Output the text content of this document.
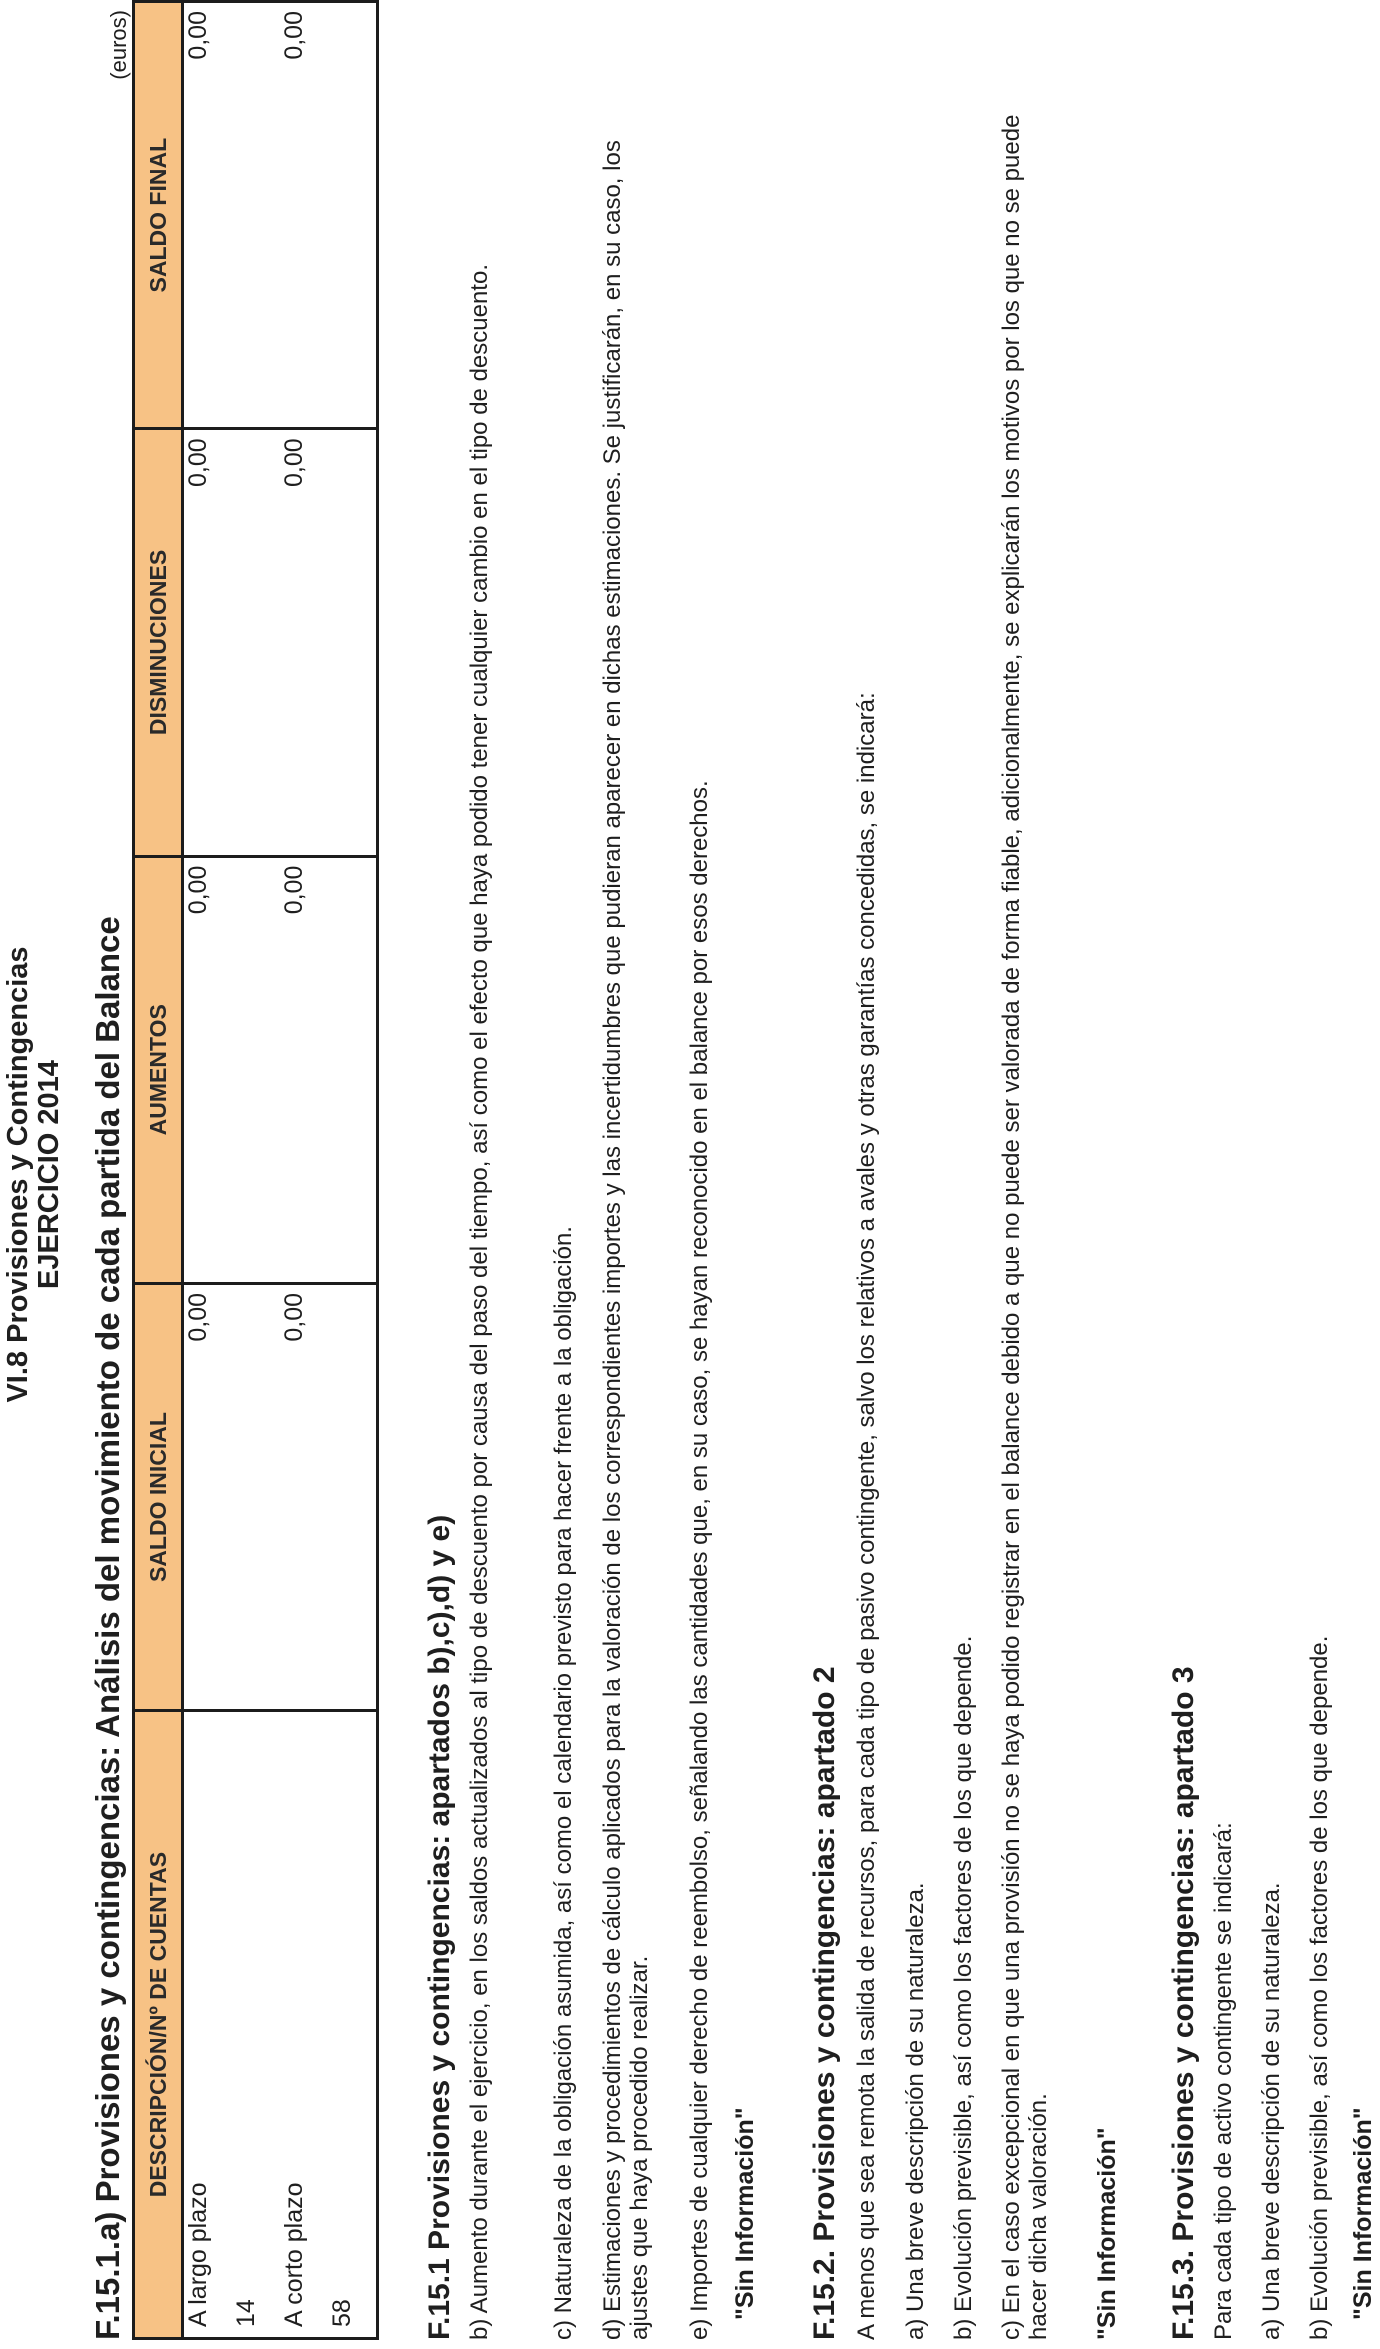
VI.8 Provisiones y Contingencias EJERCICIO 2014 F.15.1.a) Provisiones y contingencias: Análisis del movimiento de cada partida del Balance
(euros)
DESCRIPCIÓN/Nº DE CUENTAS	SALDO INICIAL	AUMENTOS	DISMINUCIONES	SALDO FINAL
A largo plazo	0,00	0,00	0,00	0,00
14				
A corto plazo	0,00	0,00	0,00	0,00
58				F.15.1 Provisiones y contingencias: apartados b),c),d) y e) b) Aumento durante el ejercicio, en los saldos actualizados al tipo de descuento por causa del paso del tiempo, así como el efecto que haya podido tener cualquier cambio en el tipo de descuento. c) Naturaleza de la obligación asumida, así como el calendario previsto para hacer frente a la obligación. d) Estimaciones y procedimientos de cálculo aplicados para la valoración de los correspondientes importes y las incertidumbres que pudieran aparecer en dichas estimaciones. Se justificarán, en su caso, los ajustes que haya procedido realizar. e) Importes de cualquier derecho de reembolso, señalando las cantidades que, en su caso, se hayan reconocido en el balance por esos derechos. "Sin Información" F.15.2. Provisiones y contingencias: apartado 2 A menos que sea remota la salida de recursos, para cada tipo de pasivo contingente, salvo los relativos a avales y otras garantías concedidas, se indicará: a) Una breve descripción de su naturaleza. b) Evolución previsible, así como los factores de los que depende. c) En el caso excepcional en que una provisión no se haya podido registrar en el balance debido a que no puede ser valorada de forma fiable, adicionalmente, se explicarán los motivos por los que no se puede hacer dicha valoración. "Sin Información" F.15.3. Provisiones y contingencias: apartado 3 Para cada tipo de activo contingente se indicará: a) Una breve descripción de su naturaleza. b) Evolución previsible, así como los factores de los que depende. "Sin Información"
